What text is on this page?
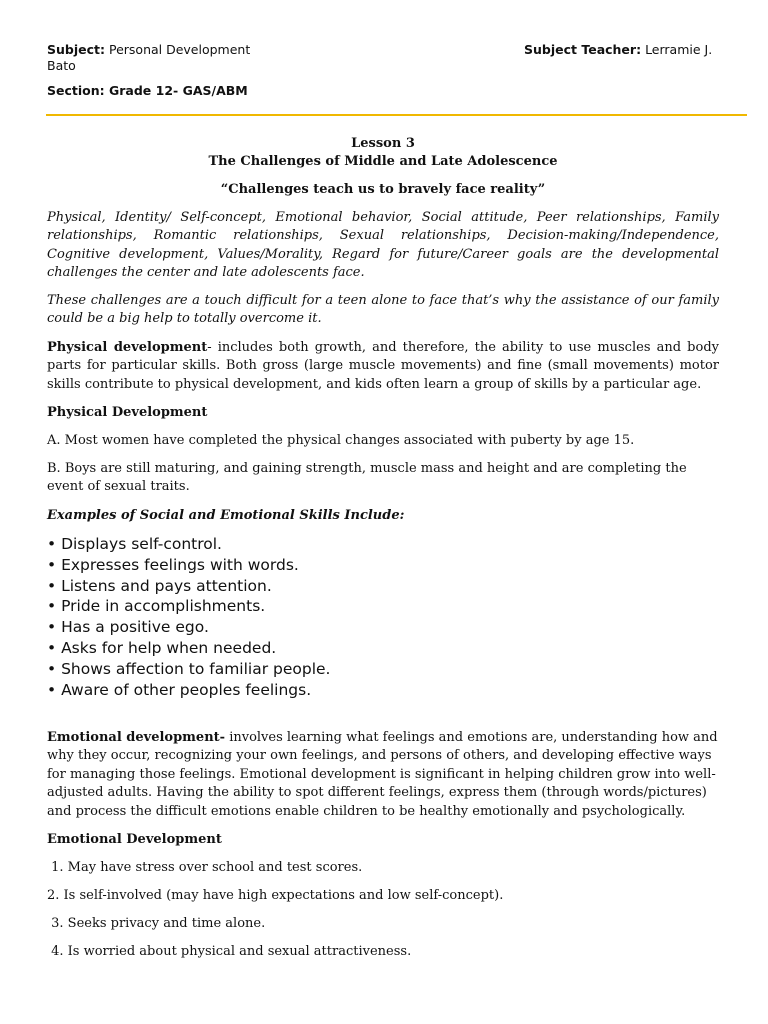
Subject: Personal Development
Bato
Subject Teacher: Lerramie J.
Section: Grade 12- GAS/ABM
Lesson 3
The Challenges of Middle and Late Adolescence
“Challenges teach us to bravely face reality”

Physical, Identity/ Self-concept, Emotional behavior, Social attitude, Peer relationships, Family relationships, Romantic relationships, Sexual relationships, Decision-making/Independence, Cognitive development, Values/Morality, Regard for future/Career goals are the developmental challenges the center and late adolescents face.

These challenges are a touch difficult for a teen alone to face that’s why the assistance of our family could be a big help to totally overcome it.

Physical development- includes both growth, and therefore, the ability to use muscles and body parts for particular skills. Both gross (large muscle movements) and fine (small movements) motor skills contribute to physical development, and kids often learn a group of skills by a particular age.

Physical Development

A. Most women have completed the physical changes associated with puberty by age 15.

B. Boys are still maturing, and gaining strength, muscle mass and height and are completing the event of sexual traits.

Examples of Social and Emotional Skills Include:
• Displays self-control.
• Expresses feelings with words.
• Listens and pays attention.
• Pride in accomplishments.
• Has a positive ego.
• Asks for help when needed.
• Shows affection to familiar people.
• Aware of other peoples feelings.

Emotional development- involves learning what feelings and emotions are, understanding how and why they occur, recognizing your own feelings, and persons of others, and developing effective ways for managing those feelings. Emotional development is significant in helping children grow into well-adjusted adults. Having the ability to spot different feelings, express them (through words/pictures) and process the difficult emotions enable children to be healthy emotionally and psychologically.

Emotional Development
1. May have stress over school and test scores.
2. Is self-involved (may have high expectations and low self-concept).
3. Seeks privacy and time alone.
4. Is worried about physical and sexual attractiveness.
